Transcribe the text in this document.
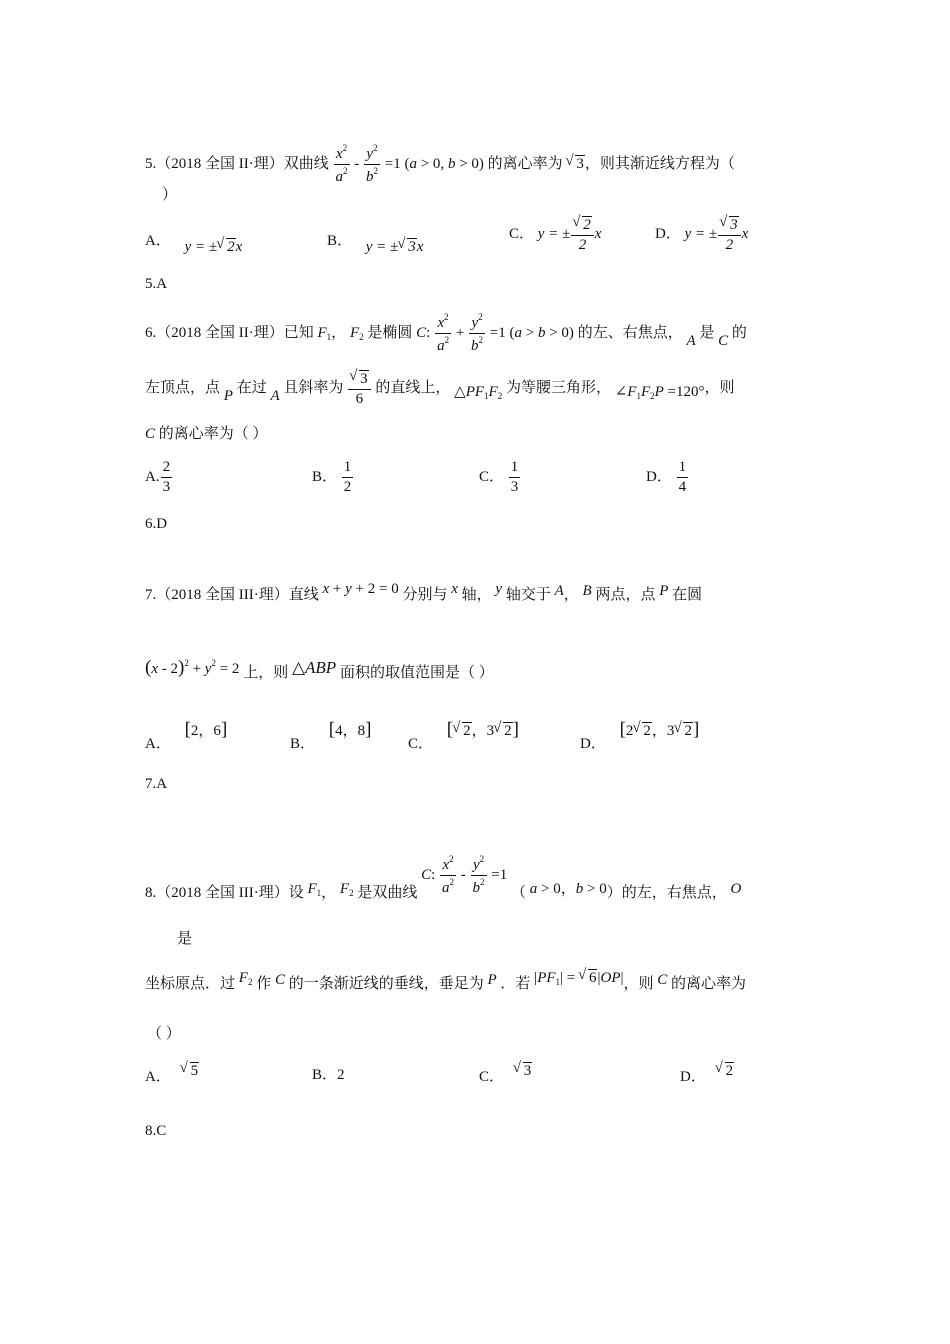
5.（2018 全国 II·理）双曲线 $\frac{x^2}{a^2} - \frac{y^2}{b^2} =1$ (a > 0, b > 0) 的离心率为 √ 3，则其渐近线方程为（
）
A． y = ± √ 2x	B． y = ± √ 3x
C． y = ± √ $\frac{2}{2}$ x	D． y = ± √ $\frac{3}{2}$ x
5.A
6.（2018 全国 II·理）已知 $F_1$， $F_2$ 是椭圆 C: $\frac{x^2}{a^2} + \frac{y^2}{b^2} =1$ (a > b > 0) 的左、右焦点， A 是 C 的
左顶点，点 P 在过 A 且斜率为 √ $\frac{3}{6}$ 的直线上， $\triangle PF_1F_2$ 为等腰三角形， $\angle F_1F_2P =120^\circ$，则
C 的离心率为（ ）
A. $\frac{2}{3}$	B． $\frac{1}{2}$	C． $\frac{1}{3}$	D． $\frac{1}{4}$
6.D
7.（2018 全国 III·理）直线 x + y + 2 = 0 分别与 x 轴， y 轴交于 A， B 两点，点 P 在圆
$(x - 2)^2 + y^2 = 2$ 上，则 △ABP 面积的取值范围是（ ）
A． [2，6]
B． [4，8]
C． [ √ 2，3 √ 2]
D． [2 √ 2，3 √ 2]
7.A
8.（2018 全国 III·理）设 $F_1$， $F_2$ 是双曲线 C: $\frac{x^2}{a^2} - \frac{y^2}{b^2} =1$ （ a > 0，b > 0）的左，右焦点， O
是
坐标原点．过 $F_2$ 作 C 的一条渐近线的垂线，垂足为 P ．若 $|PF_1|$ = √ 6|OP|，则 C 的离心率为
（ ）
A． √ 5	B．2	C． √ 3	D． √ 2
8.C
